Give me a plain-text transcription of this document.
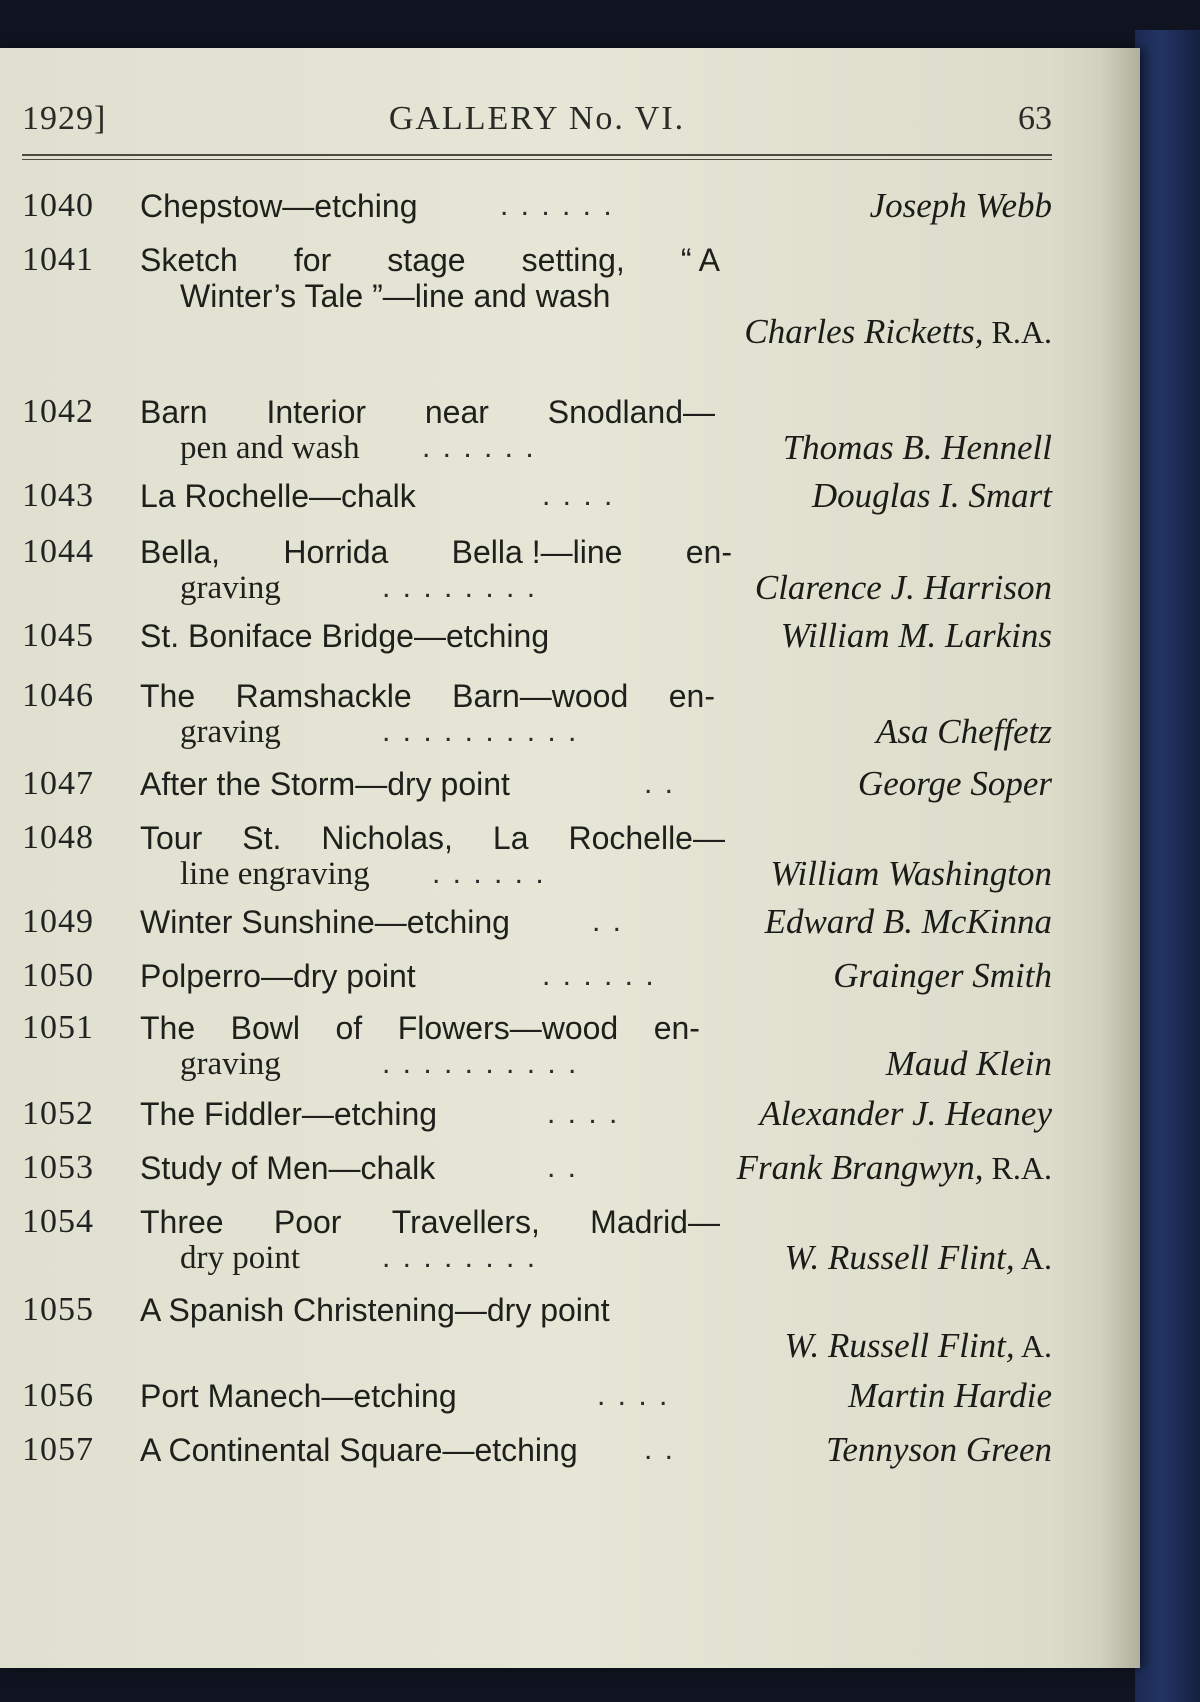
1929]	GALLERY No. VI.	63
1040	Chepstow—etching	. . . . . .	Joseph Webb
1041	Sketch for stage setting, “ A
Winter’s Tale ”—line and wash
Charles Ricketts, R.A.
1042	Barn Interior near Snodland—
pen and wash . . . . . .	Thomas B. Hennell
1043	La Rochelle—chalk	. . . .	Douglas I. Smart
1044	Bella, Horrida Bella !—line en-
graving	. . . . . . . .	Clarence J. Harrison
1045	St. Boniface Bridge—etching	William M. Larkins
1046	The Ramshackle Barn—wood en-
graving	. . . . . . . . . .	Asa Cheffetz
1047	After the Storm—dry point	. .	George Soper
1048	Tour St. Nicholas, La Rochelle—
line engraving . . . . . .	William Washington
1049	Winter Sunshine—etching	. .	Edward B. McKinna
1050	Polperro—dry point	. . . . . .	Grainger Smith
1051	The Bowl of Flowers—wood en-
graving	. . . . . . . . . .	Maud Klein
1052	The Fiddler—etching	. . . .	Alexander J. Heaney
1053	Study of Men—chalk	. .	Frank Brangwyn, R.A.
1054	Three Poor Travellers, Madrid—
dry point	. . . . . . . .	W. Russell Flint, A.
1055	A Spanish Christening—dry point
W. Russell Flint, A.
1056	Port Manech—etching	. . . .	Martin Hardie
1057	A Continental Square—etching . .	Tennyson Green
